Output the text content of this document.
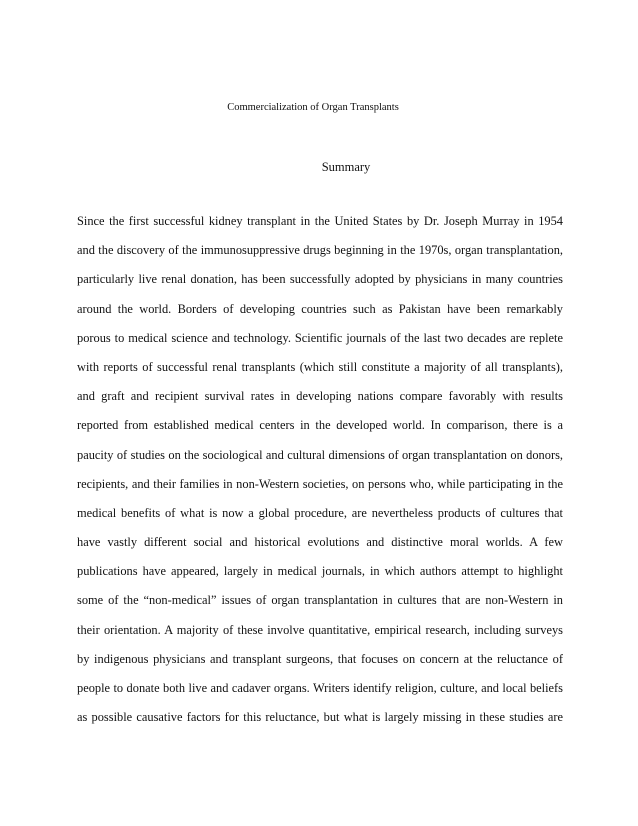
Commercialization of Organ Transplants
Summary
Since the first successful kidney transplant in the United States by Dr. Joseph Murray in 1954
and the discovery of the immunosuppressive drugs beginning in the 1970s, organ transplantation,
particularly live renal donation, has been successfully adopted by physicians in many countries
around the world. Borders of developing countries such as Pakistan have been remarkably
porous to medical science and technology. Scientific journals of the last two decades are replete
with reports of successful renal transplants (which still constitute a majority of all transplants),
and graft and recipient survival rates in developing nations compare favorably with results
reported from established medical centers in the developed world. In comparison, there is a
paucity of studies on the sociological and cultural dimensions of organ transplantation on donors,
recipients, and their families in non-Western societies, on persons who, while participating in the
medical benefits of what is now a global procedure, are nevertheless products of cultures that
have vastly different social and historical evolutions and distinctive moral worlds. A few
publications have appeared, largely in medical journals, in which authors attempt to highlight
some of the “non-medical” issues of organ transplantation in cultures that are non-Western in
their orientation. A majority of these involve quantitative, empirical research, including surveys
by indigenous physicians and transplant surgeons, that focuses on concern at the reluctance of
people to donate both live and cadaver organs. Writers identify religion, culture, and local beliefs
as possible causative factors for this reluctance, but what is largely missing in these studies are
